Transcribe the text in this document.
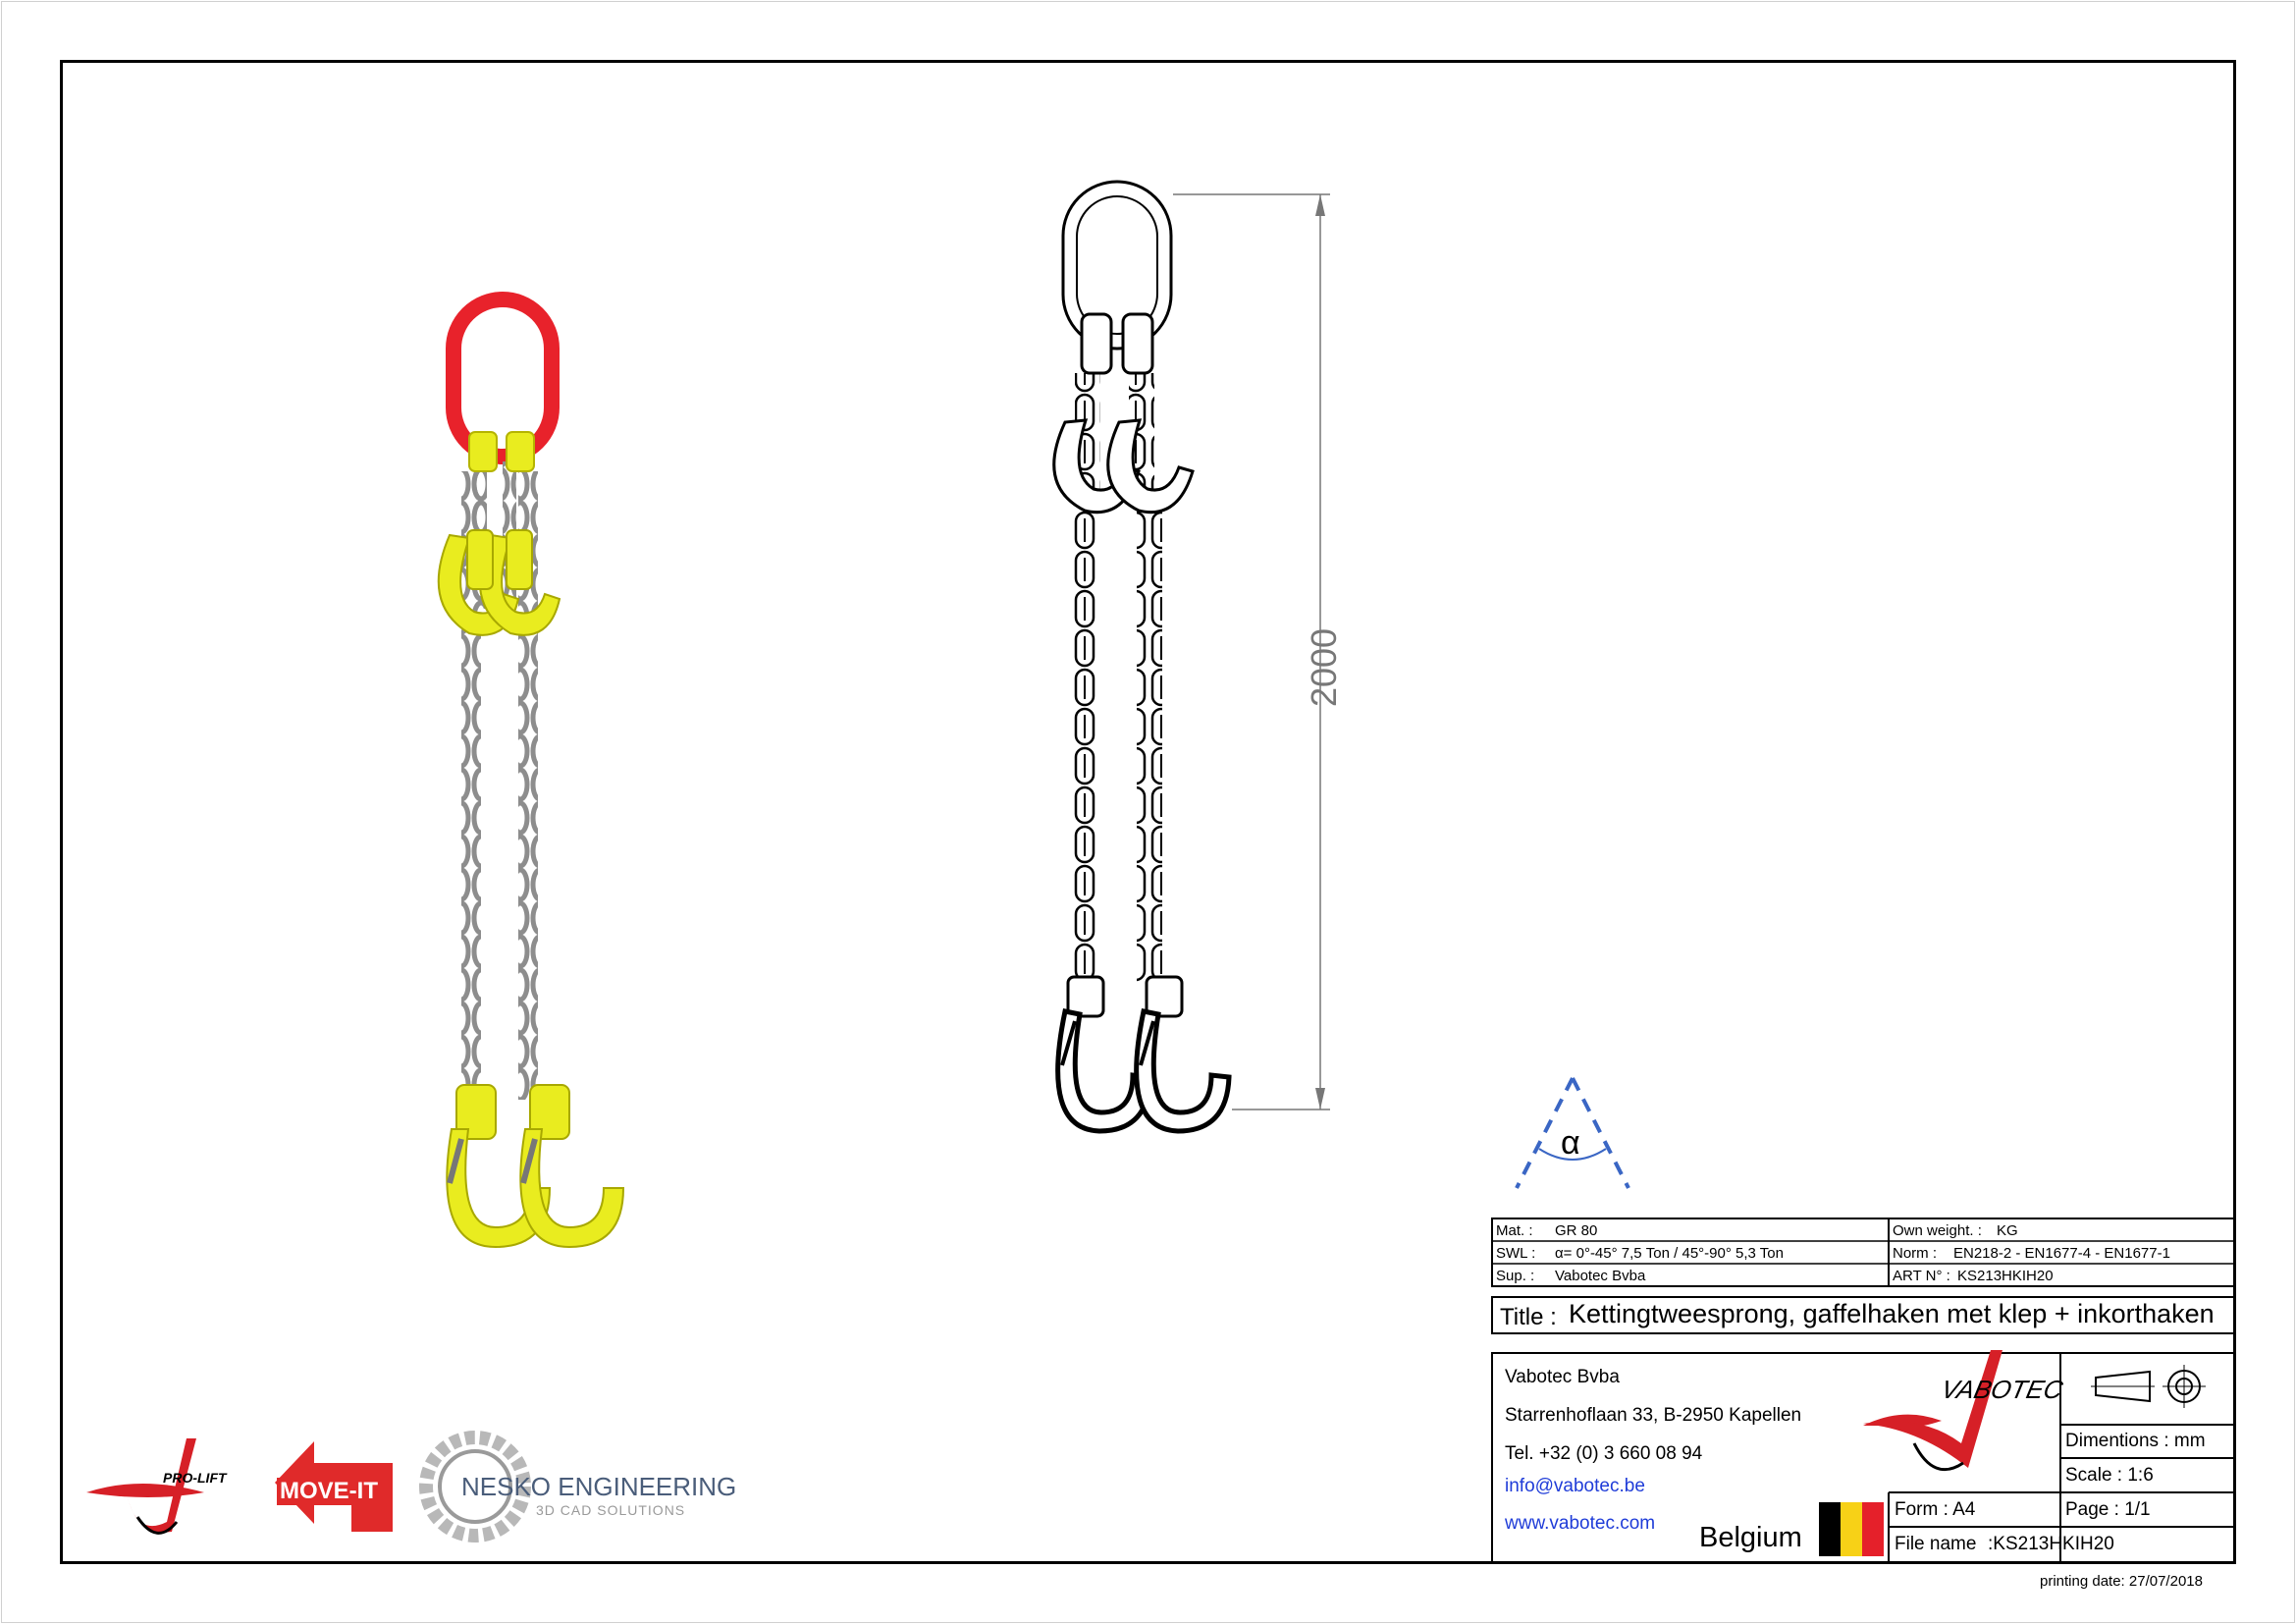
2000
α
Mat. : GR 80
SWL : α= 0°-45° 7,5 Ton / 45°-90° 5,3 Ton
Sup. : Vabotec Bvba
Own weight. : KG
Norm : EN218-2 - EN1677-4 - EN1677-1
ART N° : KS213HKIH20
Title : Kettingtweesprong, gaffelhaken met klep + inkorthaken
Vabotec Bvba
Starrenhoflaan 33, B-2950 Kapellen
Tel. +32 (0) 3 660 08 94
info@vabotec.be
www.vabotec.com Belgium
VABOTEC
Dimentions : mm
Scale : 1:6
Form : A4	Page : 1/1
File name :KS213HKIH20
PRO-LIFT MOVE-IT	NESKO ENGINEERING
3D CAD SOLUTIONS
printing date: 27/07/2018
